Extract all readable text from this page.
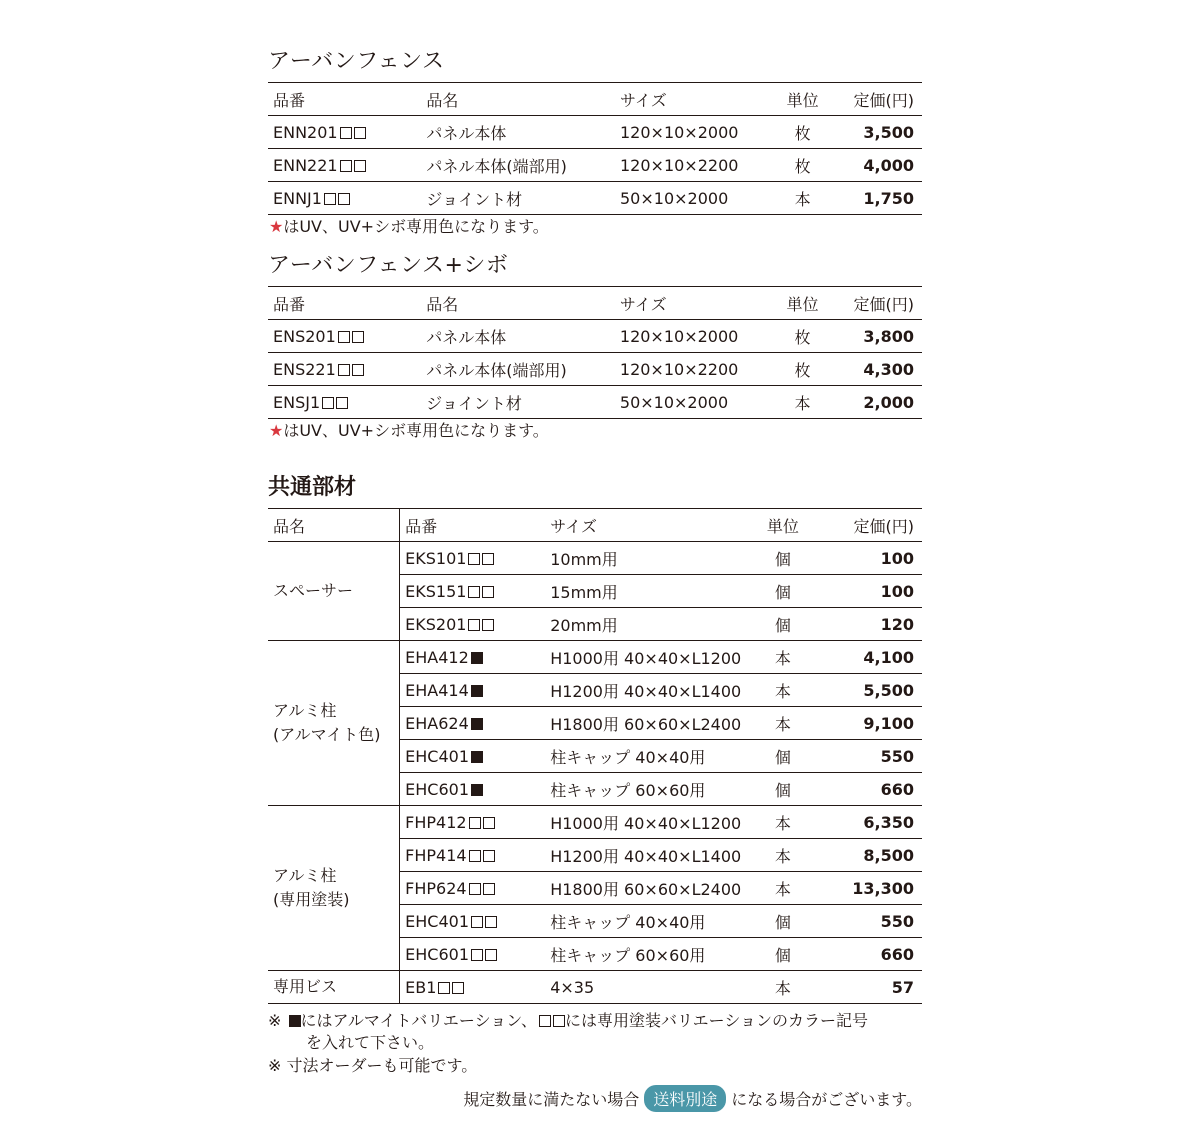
アーバンフェンス
品番	品名	サイズ	単位	定価(円)
ENN201	パネル本体	120×10×2000	枚	3,500
ENN221	パネル本体(端部用)	120×10×2200	枚	4,000
ENNJ1	ジョイント材	50×10×2000	本	1,750
★はUV、UV+シボ専用色になります。
アーバンフェンス+シボ
品番	品名	サイズ	単位	定価(円)
ENS201	パネル本体	120×10×2000	枚	3,800
ENS221	パネル本体(端部用)	120×10×2200	枚	4,300
ENSJ1	ジョイント材	50×10×2000	本	2,000
★はUV、UV+シボ専用色になります。
共通部材
品名	品番	サイズ	単位	定価(円)

スペーサー	EKS101	10mm用	個	100
	EKS151	15mm用	個	100
	EKS201	20mm用	個	120

アルミ柱
(アルマイト色)	EHA412	H1000用 40×40×L1200	本	4,100
	EHA414	H1200用 40×40×L1400	本	5,500
	EHA624	H1800用 60×60×L2400	本	9,100
	EHC401	柱キャップ 40×40用	個	550
	EHC601	柱キャップ 60×60用	個	660

アルミ柱
(専用塗装)	FHP412	H1000用 40×40×L1200	本	6,350
	FHP414	H1200用 40×40×L1400	本	8,500
	FHP624	H1800用 60×60×L2400	本	13,300
	EHC401	柱キャップ 40×40用	個	550
	EHC601	柱キャップ 60×60用	個	660

専用ビス	EB1	4×35	本	57
※ にはアルマイトバリエーション、 には専用塗装バリエーションのカラー記号
を入れて下さい。
※ 寸法オーダーも可能です。
規定数量に満たない場合 送料別途 になる場合がございます。
